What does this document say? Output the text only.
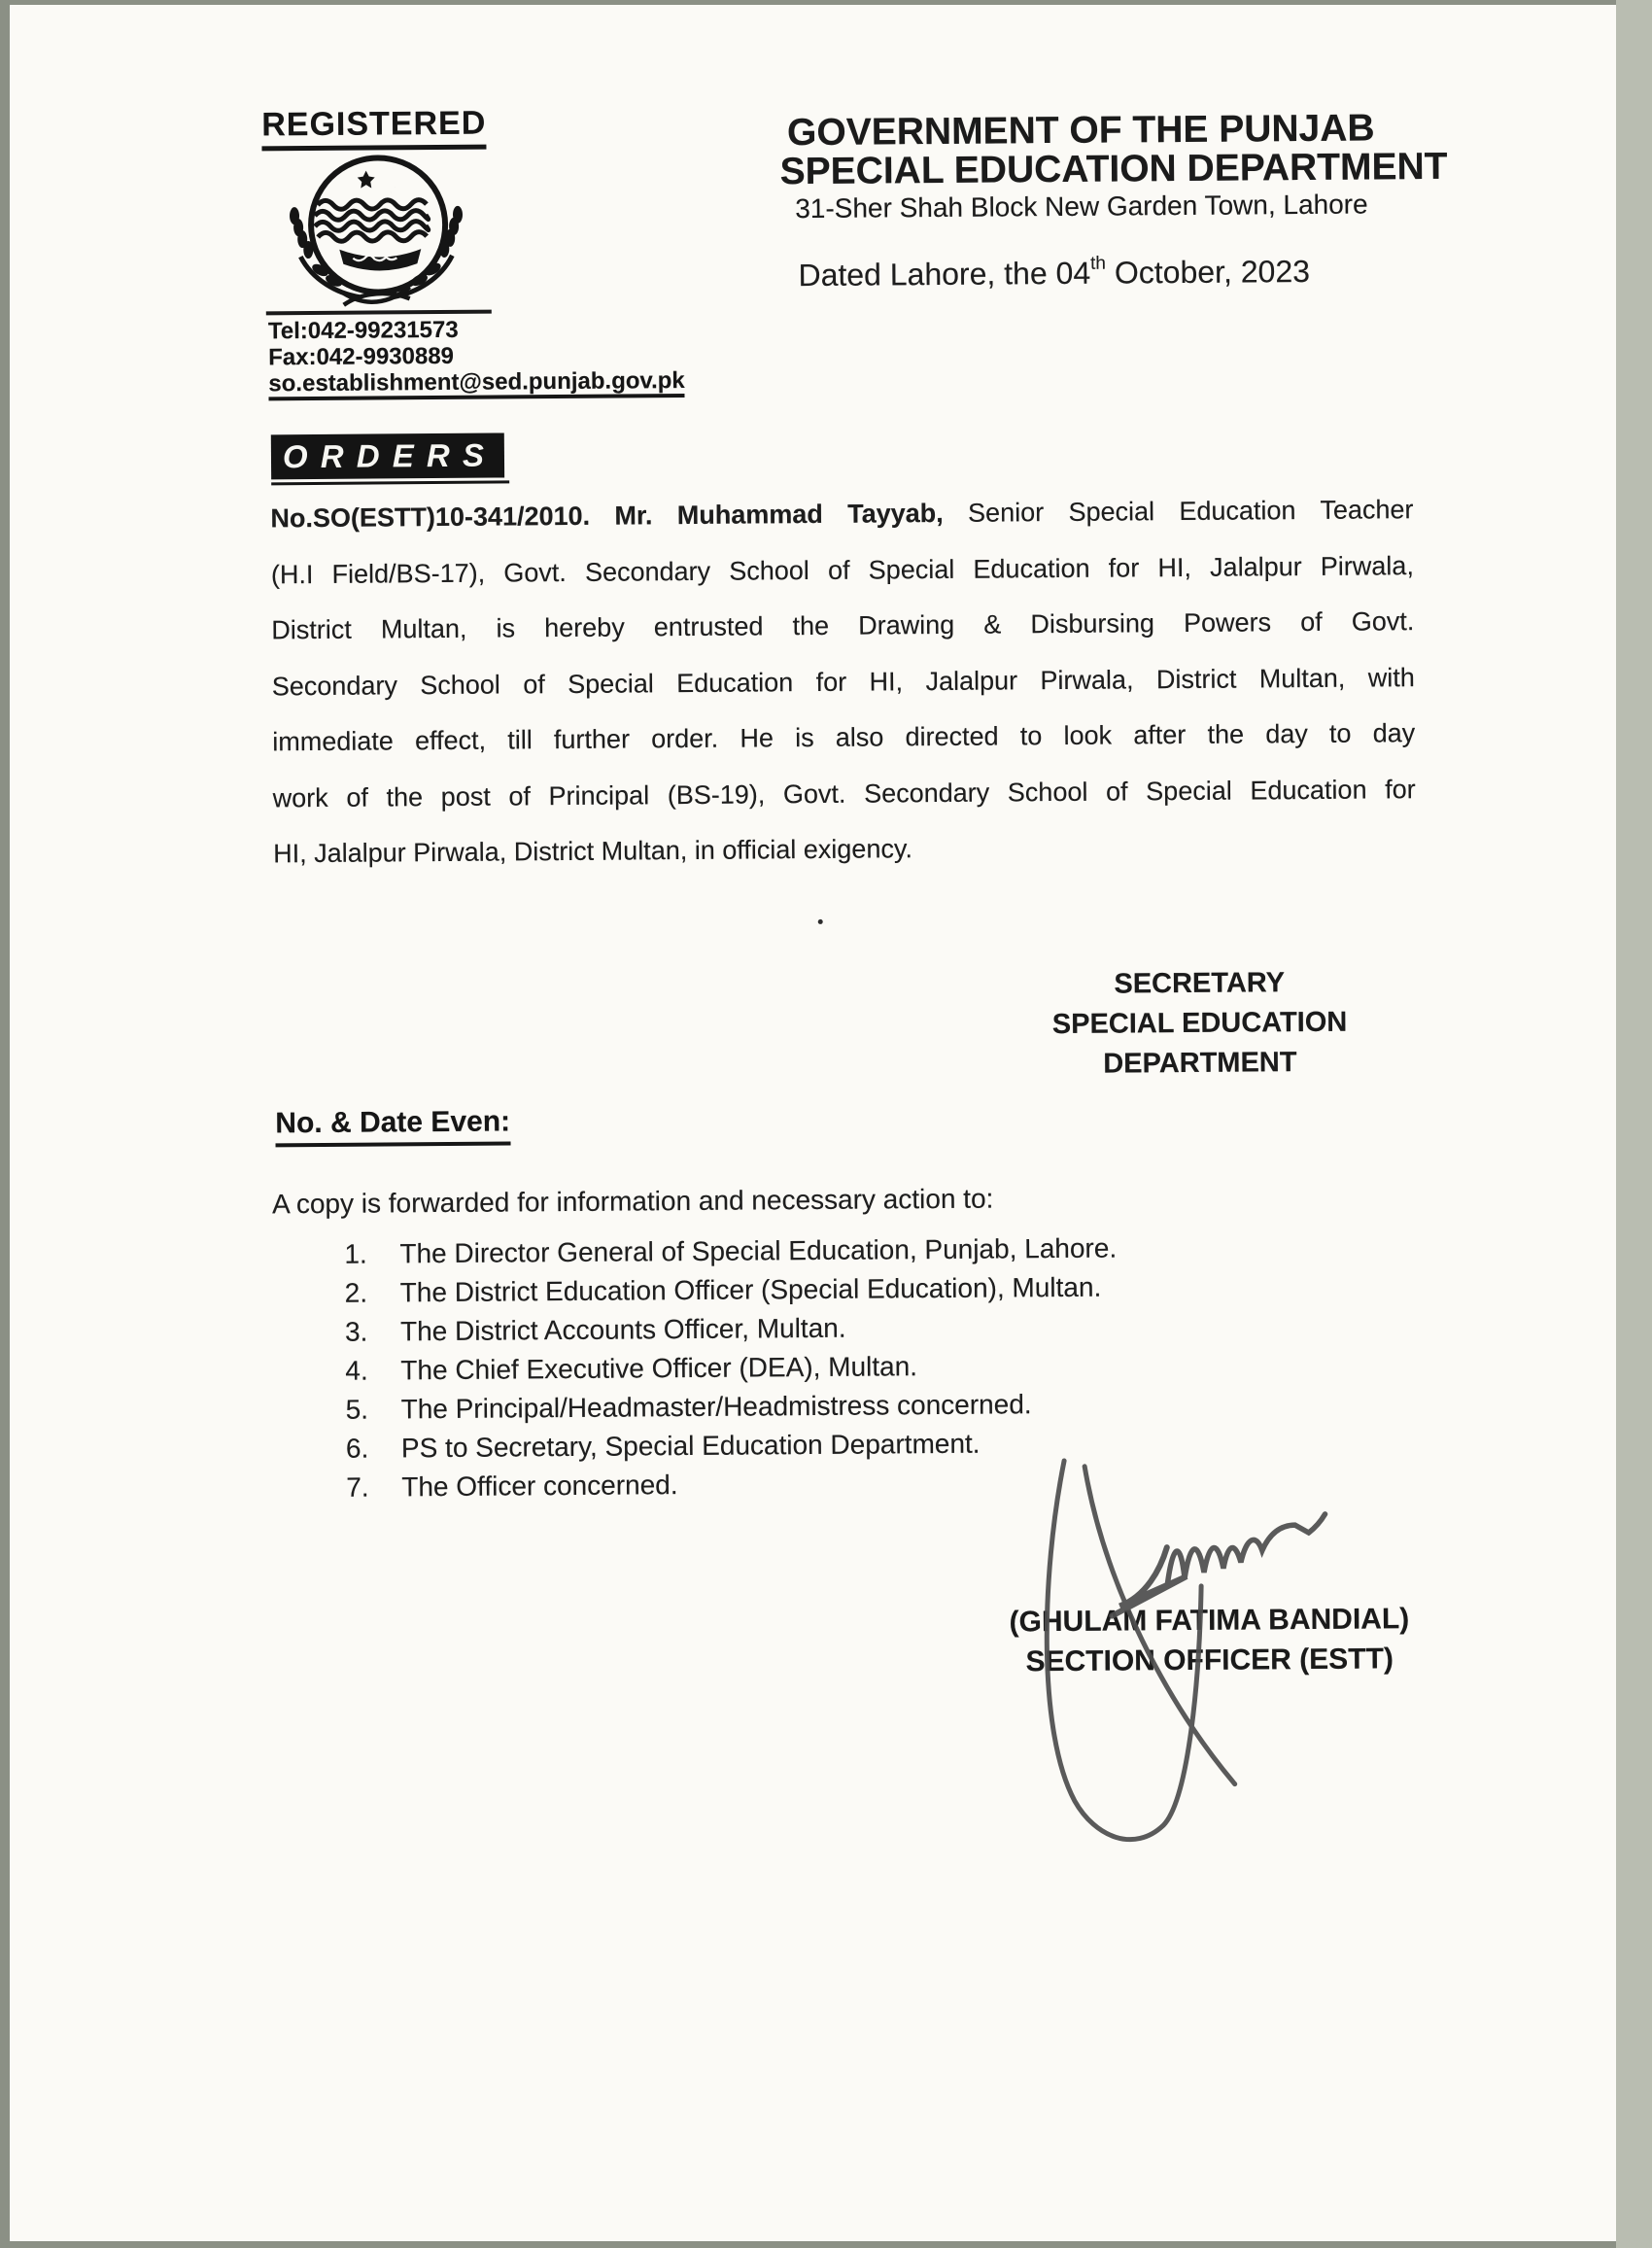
REGISTERED
Tel:042-99231573
Fax:042-9930889
so.establishment@sed.punjab.gov.pk
GOVERNMENT OF THE PUNJAB
SPECIAL EDUCATION DEPARTMENT
31-Sher Shah Block New Garden Town, Lahore
Dated Lahore, the 04th October, 2023
O R D E R S
No.SO(ESTT)10-341/2010. Mr. Muhammad Tayyab, Senior Special Education Teacher
(H.I Field/BS-17), Govt. Secondary School of Special Education for HI, Jalalpur Pirwala,
District Multan, is hereby entrusted the Drawing & Disbursing Powers of Govt.
Secondary School of Special Education for HI, Jalalpur Pirwala, District Multan, with
immediate effect, till further order. He is also directed to look after the day to day
work of the post of Principal (BS-19), Govt. Secondary School of Special Education for
HI, Jalalpur Pirwala, District Multan, in official exigency.
SECRETARY
SPECIAL EDUCATION
DEPARTMENT
No. & Date Even:
A copy is forwarded for information and necessary action to:
1.	The Director General of Special Education, Punjab, Lahore.
2.	The District Education Officer (Special Education), Multan.
3.	The District Accounts Officer, Multan.
4.	The Chief Executive Officer (DEA), Multan.
5.	The Principal/Headmaster/Headmistress concerned.
6.	PS to Secretary, Special Education Department.
7.	The Officer concerned.
(GHULAM FATIMA BANDIAL)
SECTION OFFICER (ESTT)
